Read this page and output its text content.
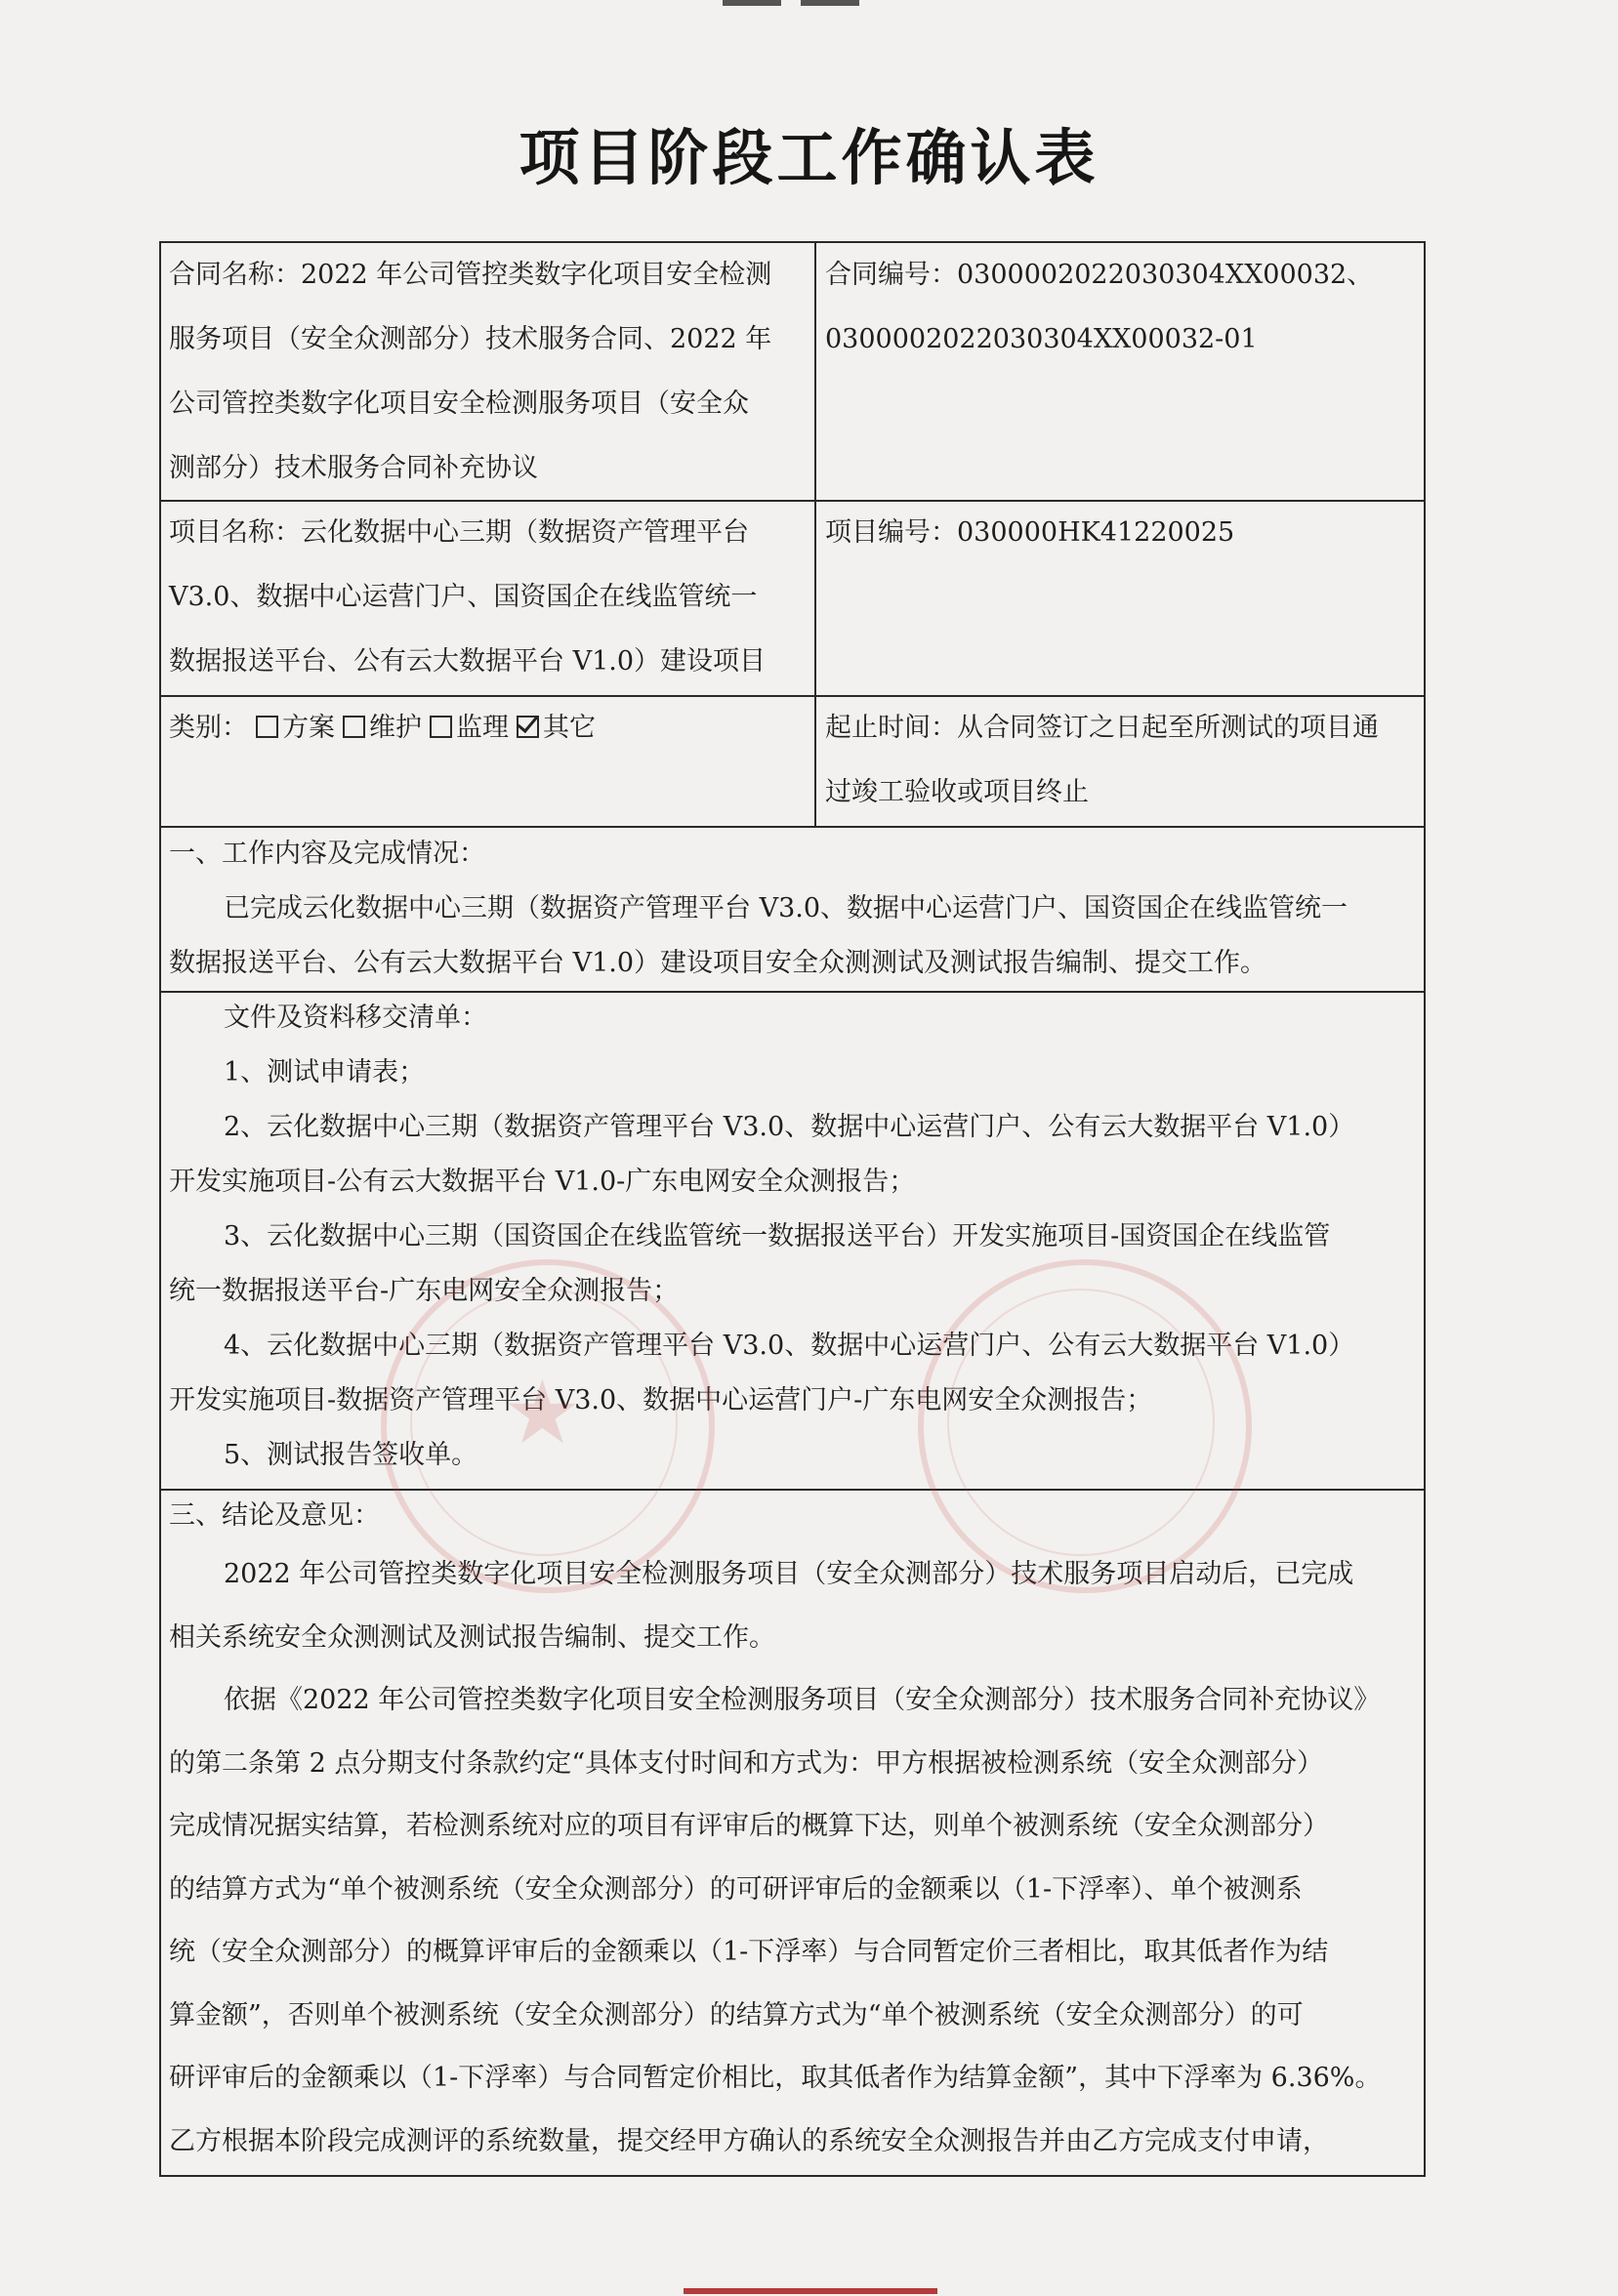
项目阶段工作确认表
合同名称：2022 年公司管控类数字化项目安全检测
服务项目（安全众测部分）技术服务合同、2022 年
公司管控类数字化项目安全检测服务项目（安全众
测部分）技术服务合同补充协议
合同编号：0300002022030304XX00032、
0300002022030304XX00032-01
项目名称：云化数据中心三期（数据资产管理平台
V3.0、数据中心运营门户、国资国企在线监管统一
数据报送平台、公有云大数据平台 V1.0）建设项目
项目编号：030000HK41220025
类别： 方案 维护 监理 其它	起止时间：从合同签订之日起至所测试的项目通
过竣工验收或项目终止
一、工作内容及完成情况：
已完成云化数据中心三期（数据资产管理平台 V3.0、数据中心运营门户、国资国企在线监管统一
数据报送平台、公有云大数据平台 V1.0）建设项目安全众测测试及测试报告编制、提交工作。
文件及资料移交清单：
1、测试申请表；
2、云化数据中心三期（数据资产管理平台 V3.0、数据中心运营门户、公有云大数据平台 V1.0）
开发实施项目-公有云大数据平台 V1.0-广东电网安全众测报告；
3、云化数据中心三期（国资国企在线监管统一数据报送平台）开发实施项目-国资国企在线监管
统一数据报送平台-广东电网安全众测报告；
4、云化数据中心三期（数据资产管理平台 V3.0、数据中心运营门户、公有云大数据平台 V1.0）
开发实施项目-数据资产管理平台 V3.0、数据中心运营门户-广东电网安全众测报告；
5、测试报告签收单。
三、结论及意见：
2022 年公司管控类数字化项目安全检测服务项目（安全众测部分）技术服务项目启动后，已完成
相关系统安全众测测试及测试报告编制、提交工作。
依据《2022 年公司管控类数字化项目安全检测服务项目（安全众测部分）技术服务合同补充协议》
的第二条第 2 点分期支付条款约定“具体支付时间和方式为：甲方根据被检测系统（安全众测部分）
完成情况据实结算，若检测系统对应的项目有评审后的概算下达，则单个被测系统（安全众测部分）
的结算方式为“单个被测系统（安全众测部分）的可研评审后的金额乘以（1-下浮率）、单个被测系
统（安全众测部分）的概算评审后的金额乘以（1-下浮率）与合同暂定价三者相比，取其低者作为结
算金额”，否则单个被测系统（安全众测部分）的结算方式为“单个被测系统（安全众测部分）的可
研评审后的金额乘以（1-下浮率）与合同暂定价相比，取其低者作为结算金额”，其中下浮率为 6.36%。
乙方根据本阶段完成测评的系统数量，提交经甲方确认的系统安全众测报告并由乙方完成支付申请，
★
